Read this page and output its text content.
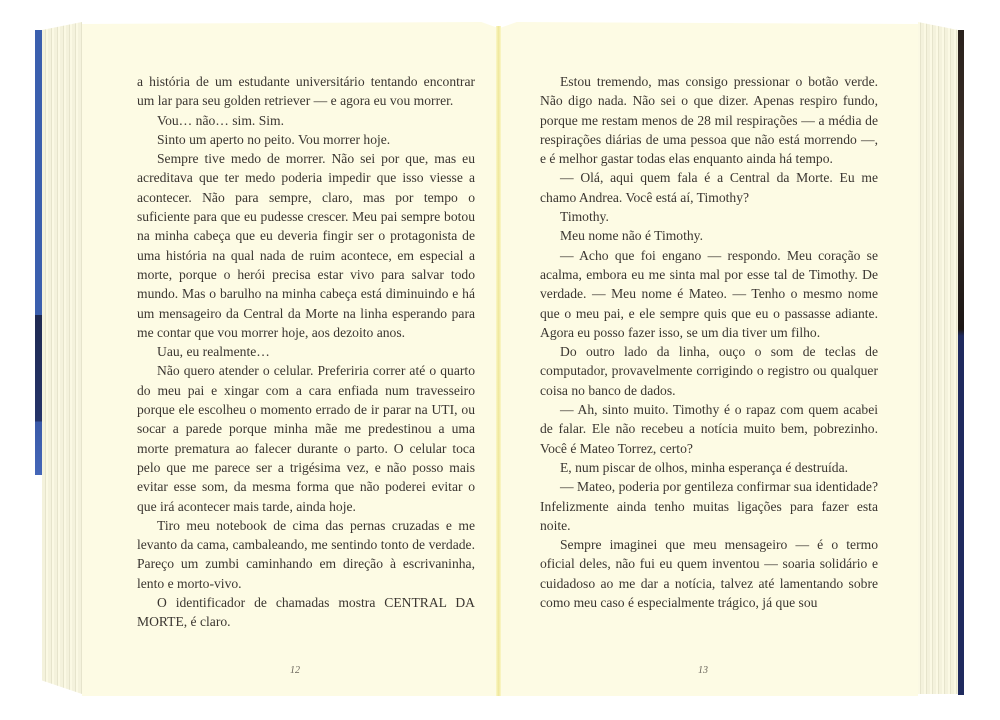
a história de um estudante universitário tentando encontrar um lar para seu golden retriever — e agora eu vou morrer.

Vou… não… sim. Sim.

Sinto um aperto no peito. Vou morrer hoje.

Sempre tive medo de morrer. Não sei por que, mas eu acreditava que ter medo poderia impedir que isso viesse a acontecer. Não para sempre, claro, mas por tempo o suficiente para que eu pudesse crescer. Meu pai sempre botou na minha cabeça que eu deveria fingir ser o protagonista de uma história na qual nada de ruim acontece, em especial a morte, porque o herói precisa estar vivo para salvar todo mundo. Mas o barulho na minha cabeça está diminuindo e há um mensageiro da Central da Morte na linha esperando para me contar que vou morrer hoje, aos dezoito anos.

Uau, eu realmente…

Não quero atender o celular. Preferiria correr até o quarto do meu pai e xingar com a cara enfiada num travesseiro porque ele escolheu o momento errado de ir parar na UTI, ou socar a parede porque minha mãe me predestinou a uma morte prematura ao falecer durante o parto. O celular toca pelo que me parece ser a trigésima vez, e não posso mais evitar esse som, da mesma forma que não poderei evitar o que irá acontecer mais tarde, ainda hoje.

Tiro meu notebook de cima das pernas cruzadas e me levanto da cama, cambaleando, me sentindo tonto de verdade. Pareço um zumbi caminhando em direção à escrivaninha, lento e morto-vivo.

O identificador de chamadas mostra CENTRAL DA MORTE, é claro.

Estou tremendo, mas consigo pressionar o botão verde. Não digo nada. Não sei o que dizer. Apenas respiro fundo, porque me restam menos de 28 mil respirações — a média de respirações diárias de uma pessoa que não está morrendo —, e é melhor gastar todas elas enquanto ainda há tempo.

— Olá, aqui quem fala é a Central da Morte. Eu me chamo Andrea. Você está aí, Timothy?

Timothy.

Meu nome não é Timothy.

— Acho que foi engano — respondo. Meu coração se acalma, embora eu me sinta mal por esse tal de Timothy. De verdade. — Meu nome é Mateo. — Tenho o mesmo nome que o meu pai, e ele sempre quis que eu o passasse adiante. Agora eu posso fazer isso, se um dia tiver um filho.

Do outro lado da linha, ouço o som de teclas de computador, provavelmente corrigindo o registro ou qualquer coisa no banco de dados.

— Ah, sinto muito. Timothy é o rapaz com quem acabei de falar. Ele não recebeu a notícia muito bem, pobrezinho. Você é Mateo Torrez, certo?

E, num piscar de olhos, minha esperança é destruída.

— Mateo, poderia por gentileza confirmar sua identidade? Infelizmente ainda tenho muitas ligações para fazer esta noite.

Sempre imaginei que meu mensageiro — é o termo oficial deles, não fui eu quem inventou — soaria solidário e cuidadoso ao me dar a notícia, talvez até lamentando sobre como meu caso é especialmente trágico, já que sou

12	13
